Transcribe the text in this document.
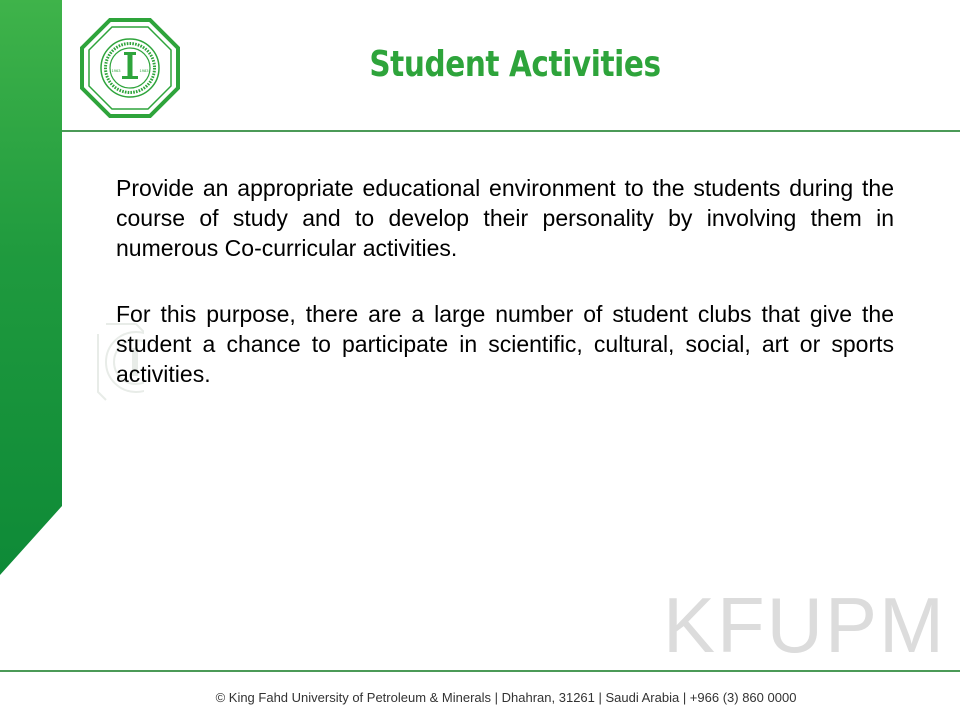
1963	1983	Student Activities

Provide an appropriate educational environment to the students during the course of study and to develop their personality by involving them in numerous Co-curricular activities.

For this purpose, there are a large number of student clubs that give the student a chance to participate in scientific, cultural, social, art or sports activities.

KFUPM
© King Fahd University of Petroleum & Minerals | Dhahran, 31261 | Saudi Arabia | +966 (3) 860 0000
